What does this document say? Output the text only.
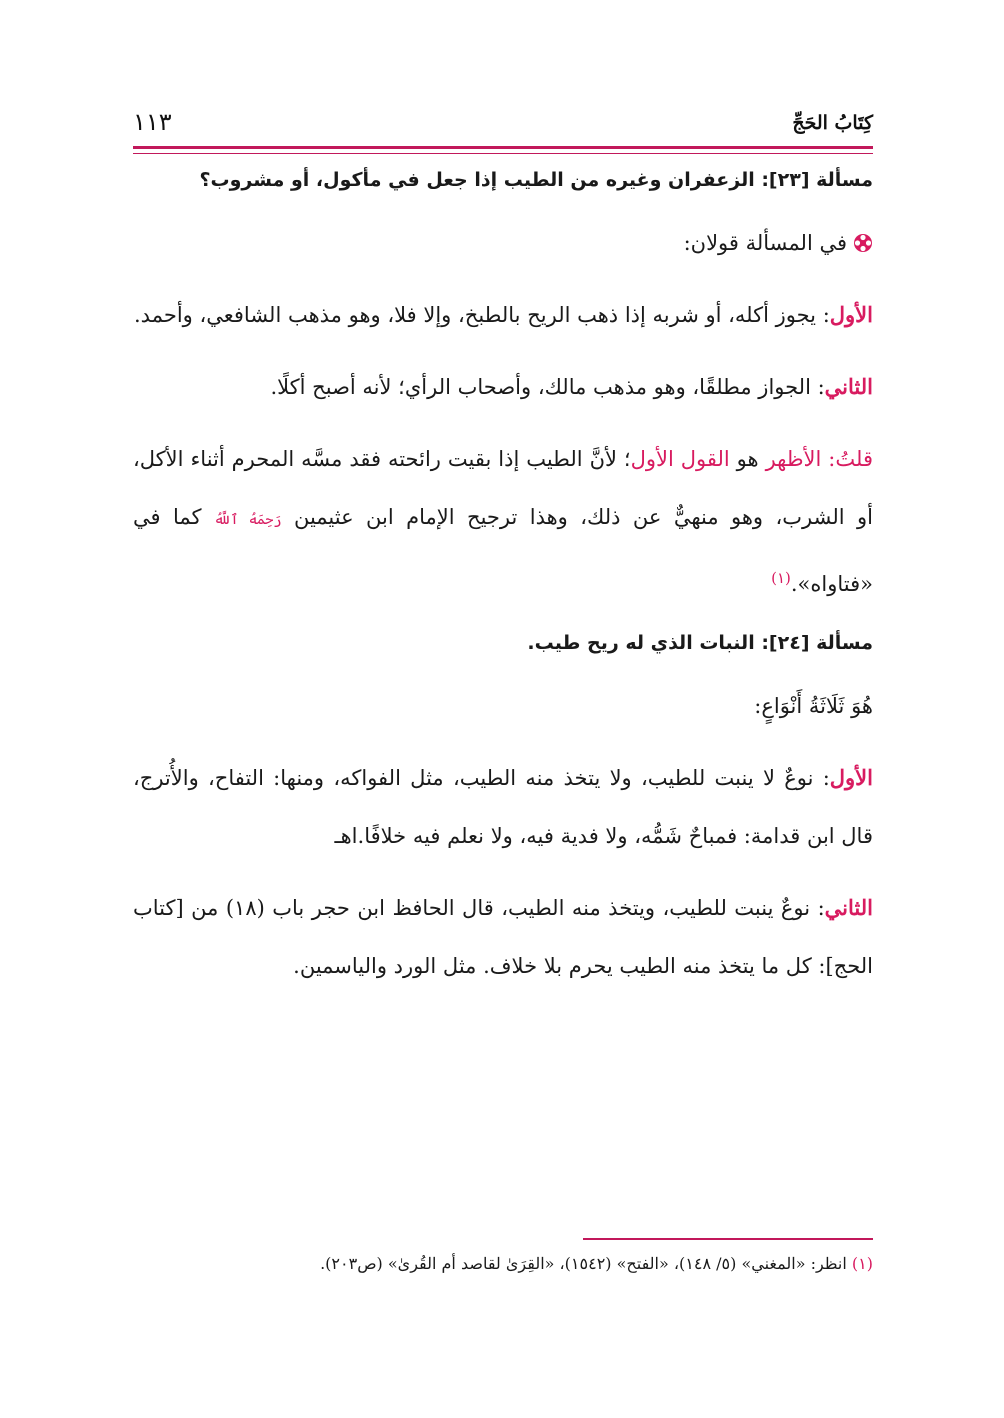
كِتَابُ الحَجِّ
١١٣

مسألة [٢٣]: الزعفران وغيره من الطيب إذا جعل في مأكول، أو مشروب؟

في المسألة قولان:

الأول: يجوز أكله، أو شربه إذا ذهب الريح بالطبخ، وإلا فلا، وهو مذهب الشافعي، وأحمد.

الثاني: الجواز مطلقًا، وهو مذهب مالك، وأصحاب الرأي؛ لأنه أصبح أكلًا.

قلتُ: الأظهر هو القول الأول؛ لأنَّ الطيب إذا بقيت رائحته فقد مسَّه المحرم أثناء الأكل، أو الشرب، وهو منهيٌّ عن ذلك، وهذا ترجيح الإمام ابن عثيمين رَحِمَهُ ٱللَّهُ كما في «فتاواه».$^{(١)}$

مسألة [٢٤]: النبات الذي له ريح طيب.

هُوَ ثَلَاثَةُ أَنْوَاعٍ:

الأول: نوعٌ لا ينبت للطيب، ولا يتخذ منه الطيب، مثل الفواكه، ومنها: التفاح، والأُترج، قال ابن قدامة: فمباحٌ شَمُّه، ولا فدية فيه، ولا نعلم فيه خلافًا.اهـ

الثاني: نوعٌ ينبت للطيب، ويتخذ منه الطيب، قال الحافظ ابن حجر باب (١٨) من [كتاب الحج]: كل ما يتخذ منه الطيب يحرم بلا خلاف. مثل الورد والياسمين.

(١) انظر: «المغني» (٥/ ١٤٨)، «الفتح» (١٥٤٢)، «القِرَىٰ لقاصد أم القُرىٰ» (ص٢٠٣).
